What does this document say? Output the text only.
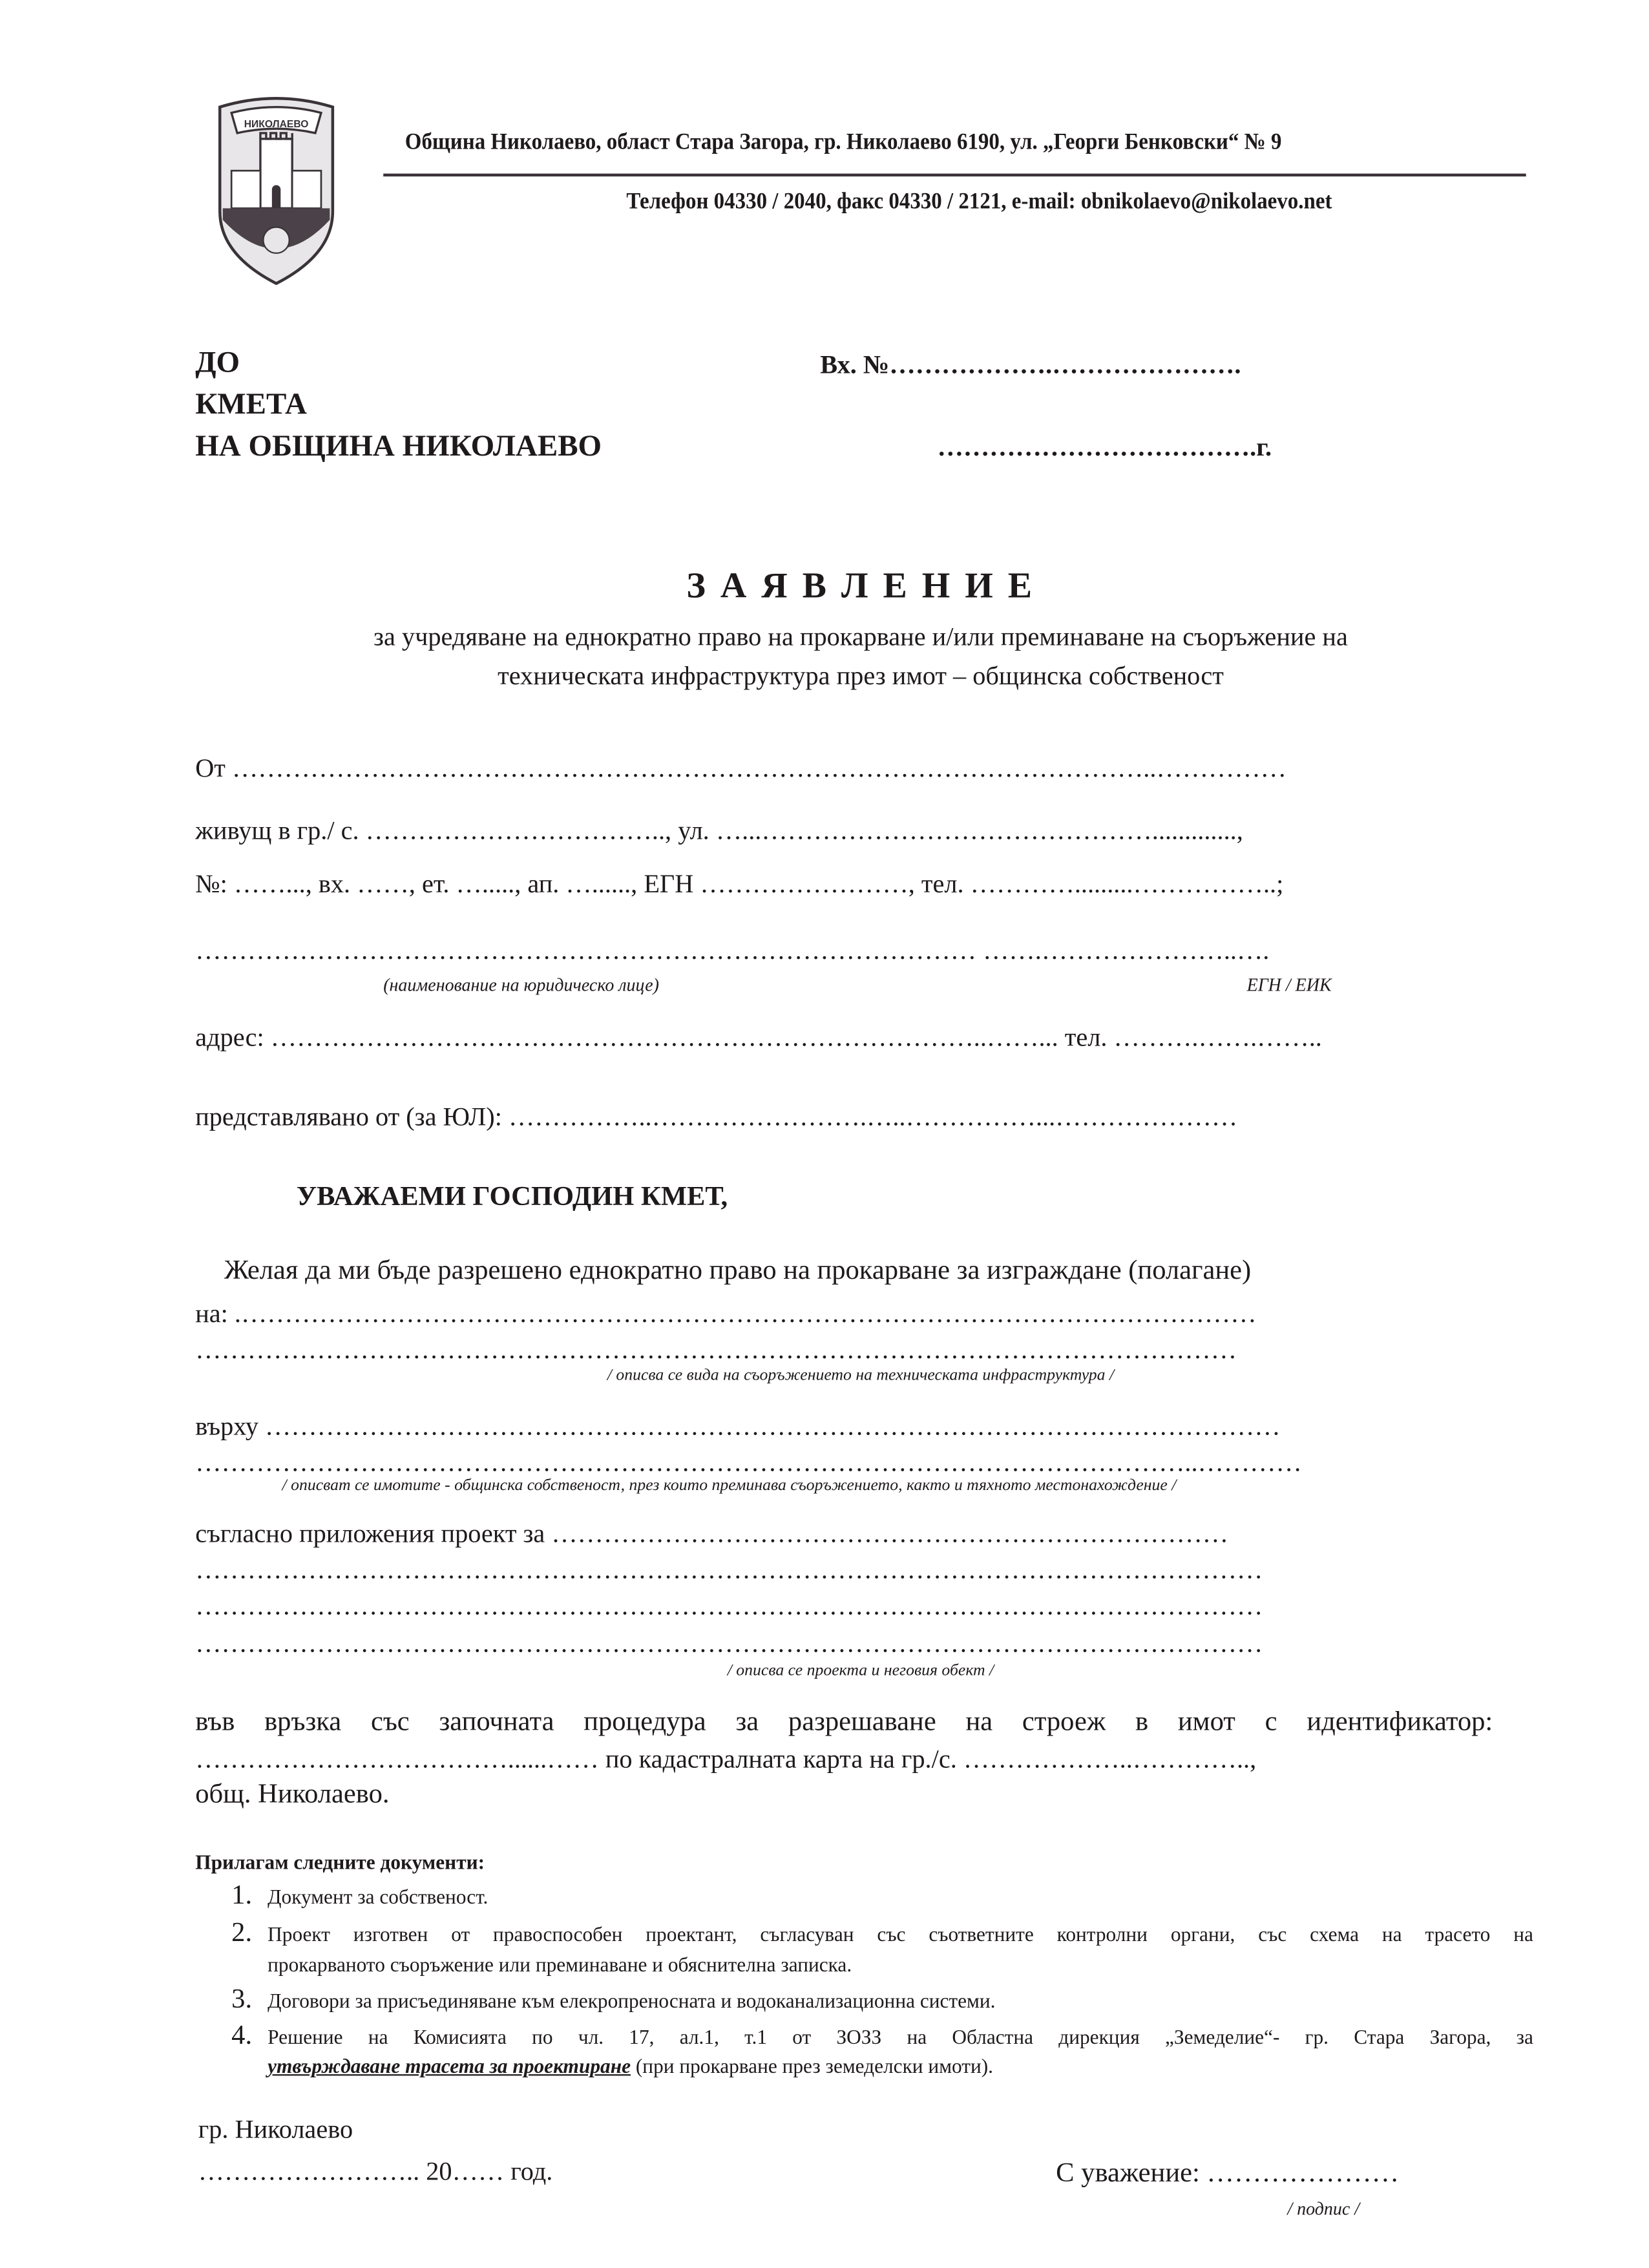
НИКОЛАЕВО
Община Николаево, област Стара Загора, гр. Николаево 6190, ул. „Георги Бенковски“ № 9
Телефон 04330 / 2040, факс 04330 / 2121, e-mail: obnikolaevo@nikolaevo.net
ДО
КМЕТА
НА ОБЩИНА НИКОЛАЕВО
Вх. №……………….………………….
……………………………….г.
З А Я В Л Е Н И Е
за учредяване на еднократно право на прокарване и/или преминаване на съоръжение на
техническата инфраструктура през имот – общинска собственост
От ……………………………………………………………………………………………..……………
живущ в гр./ с. …………………………….., ул. …...……………………………………….............,
№: ……..., вх. ……, ет. …....., ап. …......, ЕГН ……………………, тел. ………….........……………..;
……………………………………………………………………………… …….…………………..….
(наименование на юридическо лице)	ЕГН / ЕИК
адрес: ………………………………………………………………………..……... тел. ……….…….……..
представлявано от (за ЮЛ): ……………..…………………….…..……………...…………………
УВАЖАЕМИ ГОСПОДИН КМЕТ,
Желая да ми бъде разрешено еднократно право на прокарване за изграждане (полагане)
на: .………………………………………………………………………………………………………
…………………………………………………………………………………………………………
/ описва се вида на съоръжението на техническата инфраструктура /
върху ………………………………………………………………………………………………………
……………………………………………………………………………………………………..…………
/ описват се имотите - общинска собственост, през които преминава съоръжението, както и тяхното местонахождение /
съгласно приложения проект за ……………………………………………………………………
……………………………………………………………………………………………………………
……………………………………………………………………………………………………………
……………………………………………………………………………………………………………
/ описва се проекта и неговия обект /
във връзка със започната процедура за разрешаване на строеж в имот с идентификатор:
………………………………......…… по кадастралната карта на гр./с. ………………..…………..,
общ. Николаево.
Прилагам следните документи:
1. Документ за собственост.
2. Проект изготвен от правоспособен проектант, съгласуван със съответните контролни органи, със схема на трасето на
прокарваното съоръжение или преминаване и обяснителна записка.
3. Договори за присъединяване към елекропреносната и водоканализационна системи.
4. Решение на Комисията по чл. 17, ал.1, т.1 от ЗОЗЗ на Областна дирекция „Земеделие“- гр. Стара Загора, за
утвърждаване трасета за проектиране (при прокарване през земеделски имоти).
гр. Николаево
…………………….. 20…… год.	С уважение: …………………
/ подпис /
